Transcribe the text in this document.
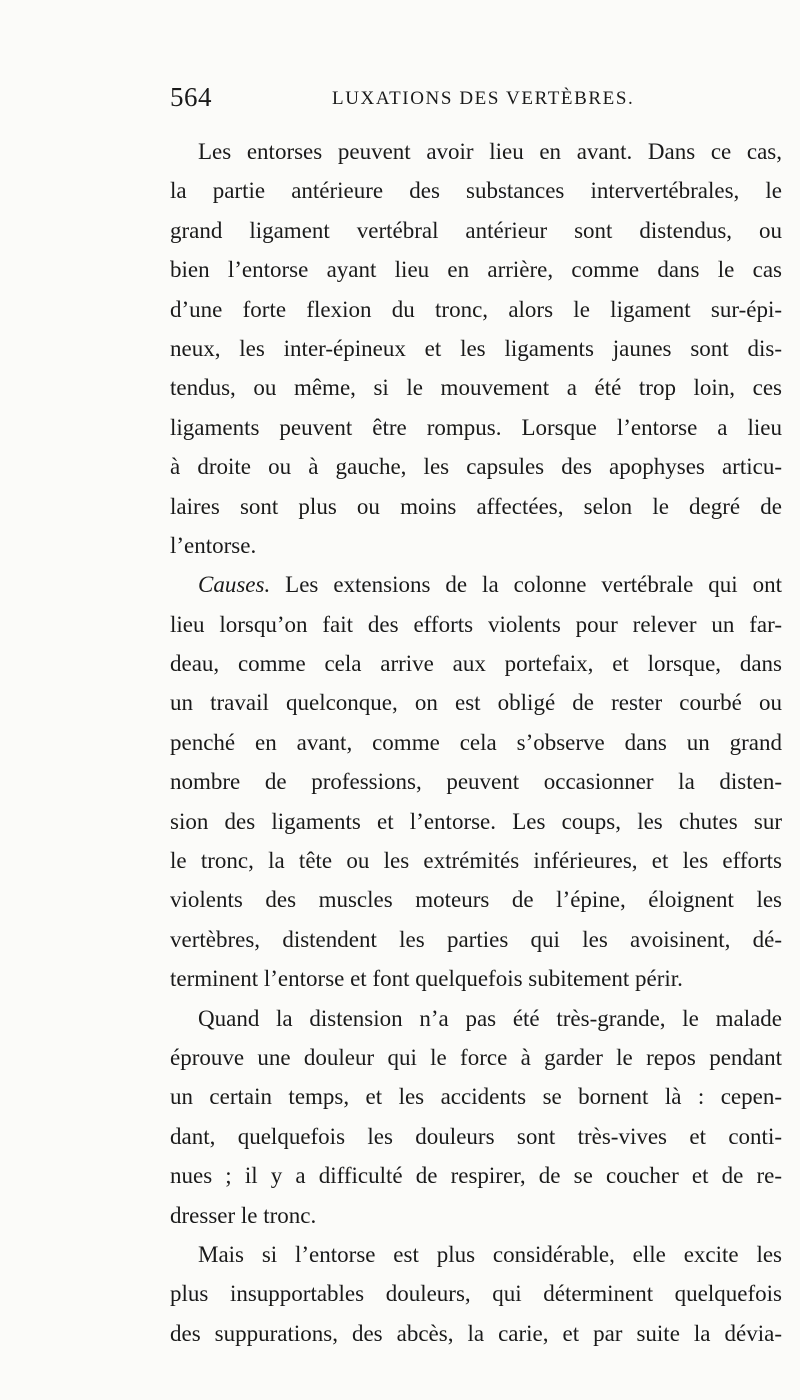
564	LUXATIONS DES VERTÈBRES.
Les entorses peuvent avoir lieu en avant. Dans ce cas,
la partie antérieure des substances intervertébrales, le
grand ligament vertébral antérieur sont distendus, ou
bien l’entorse ayant lieu en arrière, comme dans le cas
d’une forte flexion du tronc, alors le ligament sur-épi-
neux, les inter-épineux et les ligaments jaunes sont dis-
tendus, ou même, si le mouvement a été trop loin, ces
ligaments peuvent être rompus. Lorsque l’entorse a lieu
à droite ou à gauche, les capsules des apophyses articu-
laires sont plus ou moins affectées, selon le degré de
l’entorse.
Causes. Les extensions de la colonne vertébrale qui ont
lieu lorsqu’on fait des efforts violents pour relever un far-
deau, comme cela arrive aux portefaix, et lorsque, dans
un travail quelconque, on est obligé de rester courbé ou
penché en avant, comme cela s’observe dans un grand
nombre de professions, peuvent occasionner la disten-
sion des ligaments et l’entorse. Les coups, les chutes sur
le tronc, la tête ou les extrémités inférieures, et les efforts
violents des muscles moteurs de l’épine, éloignent les
vertèbres, distendent les parties qui les avoisinent, dé-
terminent l’entorse et font quelquefois subitement périr.
Quand la distension n’a pas été très-grande, le malade
éprouve une douleur qui le force à garder le repos pendant
un certain temps, et les accidents se bornent là : cepen-
dant, quelquefois les douleurs sont très-vives et conti-
nues ; il y a difficulté de respirer, de se coucher et de re-
dresser le tronc.
Mais si l’entorse est plus considérable, elle excite les
plus insupportables douleurs, qui déterminent quelquefois
des suppurations, des abcès, la carie, et par suite la dévia-
